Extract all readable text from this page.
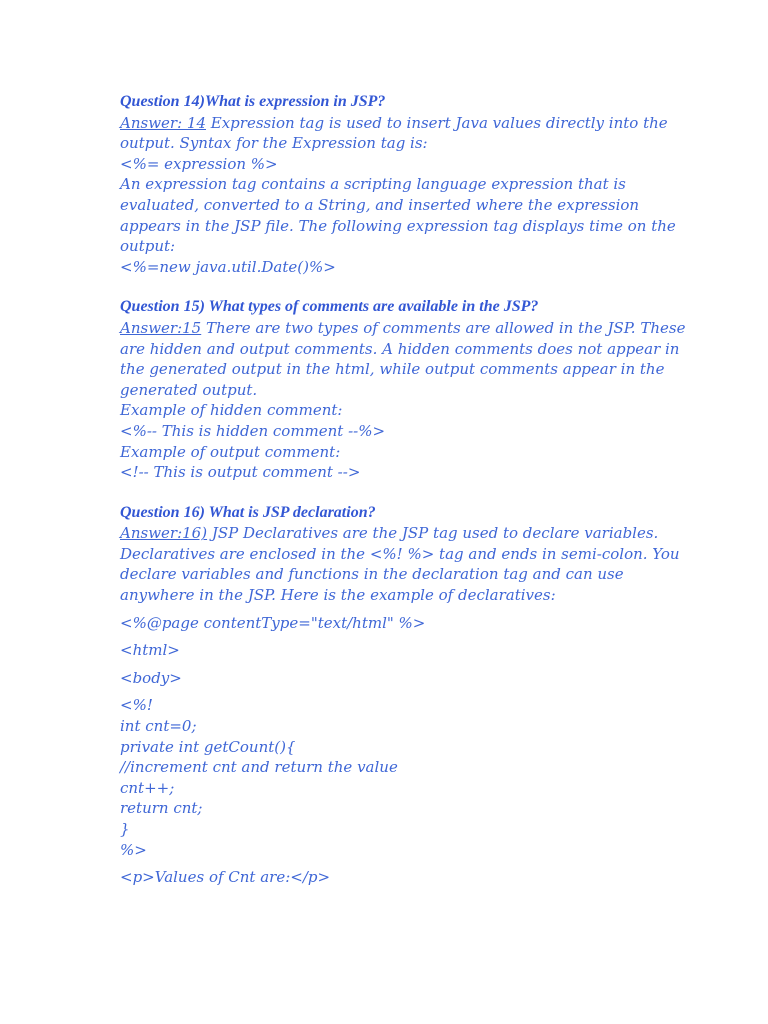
Question 14)What is expression in JSP?
Answer: 14 Expression tag is used to insert Java values directly into the
output. Syntax for the Expression tag is:
<%= expression %>
An expression tag contains a scripting language expression that is
evaluated, converted to a String, and inserted where the expression
appears in the JSP file. The following expression tag displays time on the
output:
<%=new java.util.Date()%>
Question 15) What types of comments are available in the JSP?
Answer:15 There are two types of comments are allowed in the JSP. These
are hidden and output comments. A hidden comments does not appear in
the generated output in the html, while output comments appear in the
generated output.
Example of hidden comment:
<%-- This is hidden comment --%>
Example of output comment:
<!-- This is output comment -->
Question 16) What is JSP declaration?
Answer:16) JSP Declaratives are the JSP tag used to declare variables.
Declaratives are enclosed in the <%! %> tag and ends in semi-colon. You
declare variables and functions in the declaration tag and can use
anywhere in the JSP. Here is the example of declaratives:
<%@page contentType="text/html" %>
<html>
<body>
<%!
int cnt=0;
private int getCount(){
//increment cnt and return the value
cnt++;
return cnt;
}
%>
<p>Values of Cnt are:</p>
